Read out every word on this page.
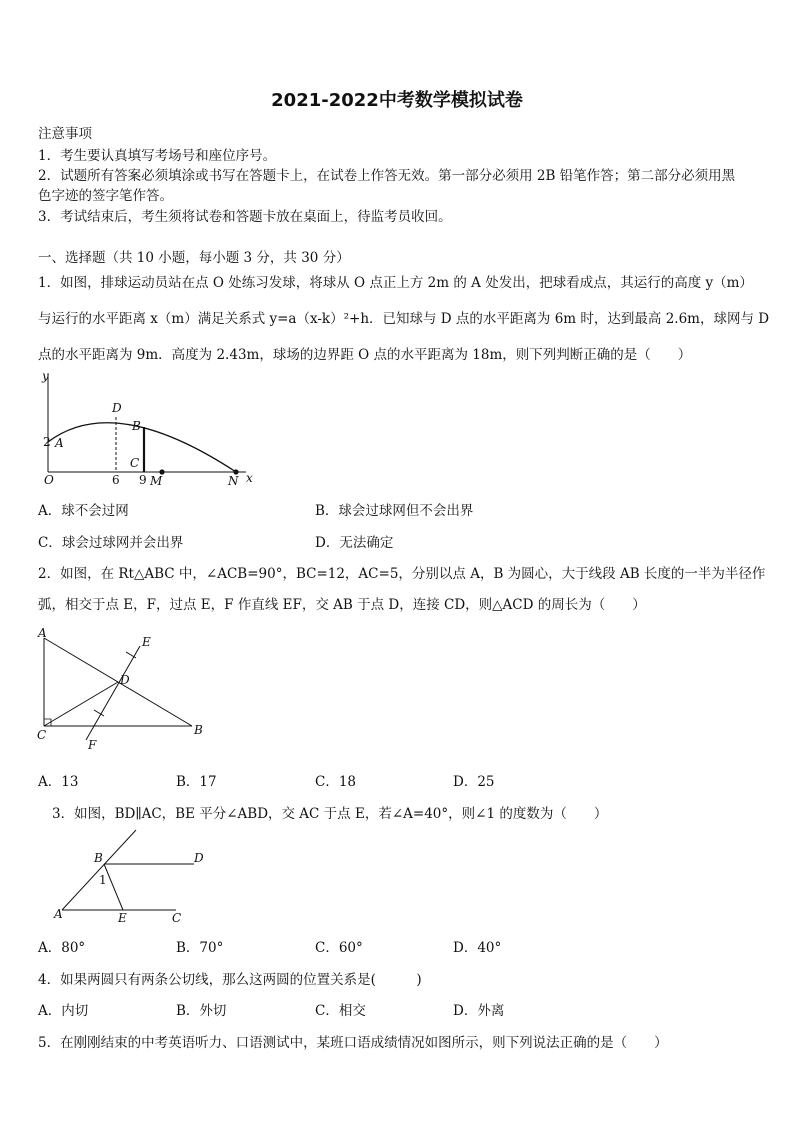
2021-2022中考数学模拟试卷
注意事项
1．考生要认真填写考场号和座位序号。
2．试题所有答案必须填涂或书写在答题卡上，在试卷上作答无效。第一部分必须用 2B 铅笔作答；第二部分必须用黑
色字迹的签字笔作答。
3．考试结束后，考生须将试卷和答题卡放在桌面上，待监考员收回。
一、选择题（共 10 小题，每小题 3 分，共 30 分）
1．如图，排球运动员站在点 O 处练习发球，将球从 O 点正上方 2m 的 A 处发出，把球看成点，其运行的高度 y（m）
与运行的水平距离 x（m）满足关系式 y=a（x-k）²+h．已知球与 D 点的水平距离为 6m 时，达到最高 2.6m，球网与 D
点的水平距离为 9m．高度为 2.43m，球场的边界距 O 点的水平距离为 18m，则下列判断正确的是（　　）
y
x
2 A
O
D
B
C
6 9 M	N
A．球不会过网	B．球会过球网但不会出界
C．球会过球网并会出界	D．无法确定
2．如图，在 Rt△ABC 中，∠ACB=90°，BC=12，AC=5，分别以点 A，B 为圆心，大于线段 AB 长度的一半为半径作
弧，相交于点 E，F，过点 E，F 作直线 EF，交 AB 于点 D，连接 CD，则△ACD 的周长为（　　）
A
C	B
D
E
F
A．13	B．17	C．18	D．25
3．如图，BD∥AC，BE 平分∠ABD，交 AC 于点 E，若∠A=40°，则∠1 的度数为（　　）
B	D
A	E	C
1
A．80°	B．70°	C．60°	D．40°
4．如果两圆只有两条公切线，那么这两圆的位置关系是(　　　)
A．内切	B．外切	C．相交	D．外离
5．在刚刚结束的中考英语听力、口语测试中，某班口语成绩情况如图所示，则下列说法正确的是（　　）
